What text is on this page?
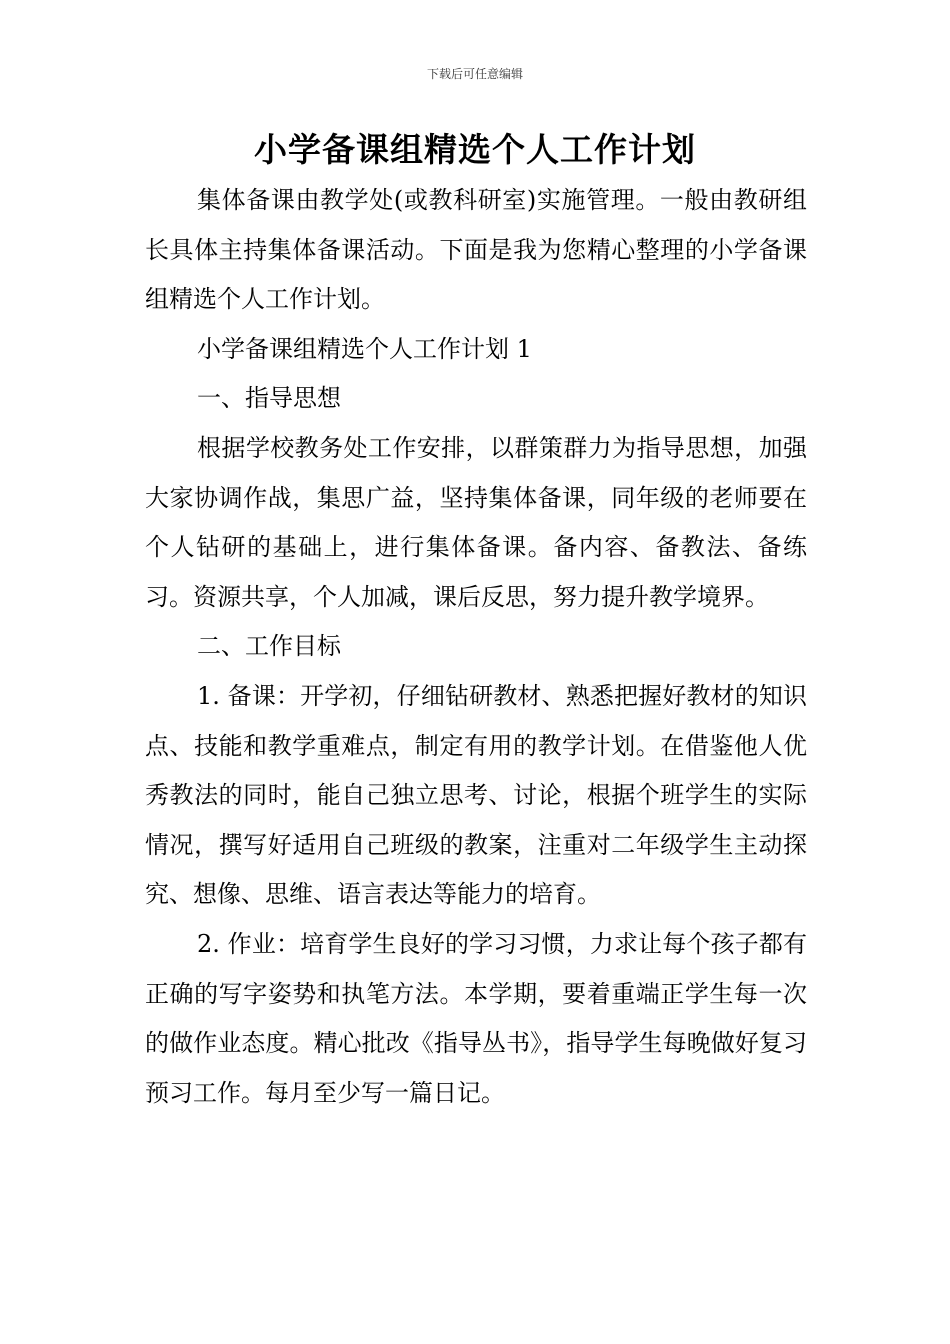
下载后可任意编辑
小学备课组精选个人工作计划

集体备课由教学处(或教科研室)实施管理。一般由教研组长具体主持集体备课活动。下面是我为您精心整理的小学备课组精选个人工作计划。

小学备课组精选个人工作计划 1

一、指导思想

根据学校教务处工作安排，以群策群力为指导思想，加强大家协调作战，集思广益，坚持集体备课，同年级的老师要在个人钻研的基础上，进行集体备课。备内容、备教法、备练习。资源共享，个人加减，课后反思，努力提升教学境界。

二、工作目标

1. 备课：开学初，仔细钻研教材、熟悉把握好教材的知识点、技能和教学重难点，制定有用的教学计划。在借鉴他人优秀教法的同时，能自己独立思考、讨论，根据个班学生的实际情况，撰写好适用自己班级的教案，注重对二年级学生主动探究、想像、思维、语言表达等能力的培育。

2. 作业：培育学生良好的学习习惯，力求让每个孩子都有正确的写字姿势和执笔方法。本学期，要着重端正学生每一次的做作业态度。精心批改《指导丛书》，指导学生每晚做好复习预习工作。每月至少写一篇日记。
